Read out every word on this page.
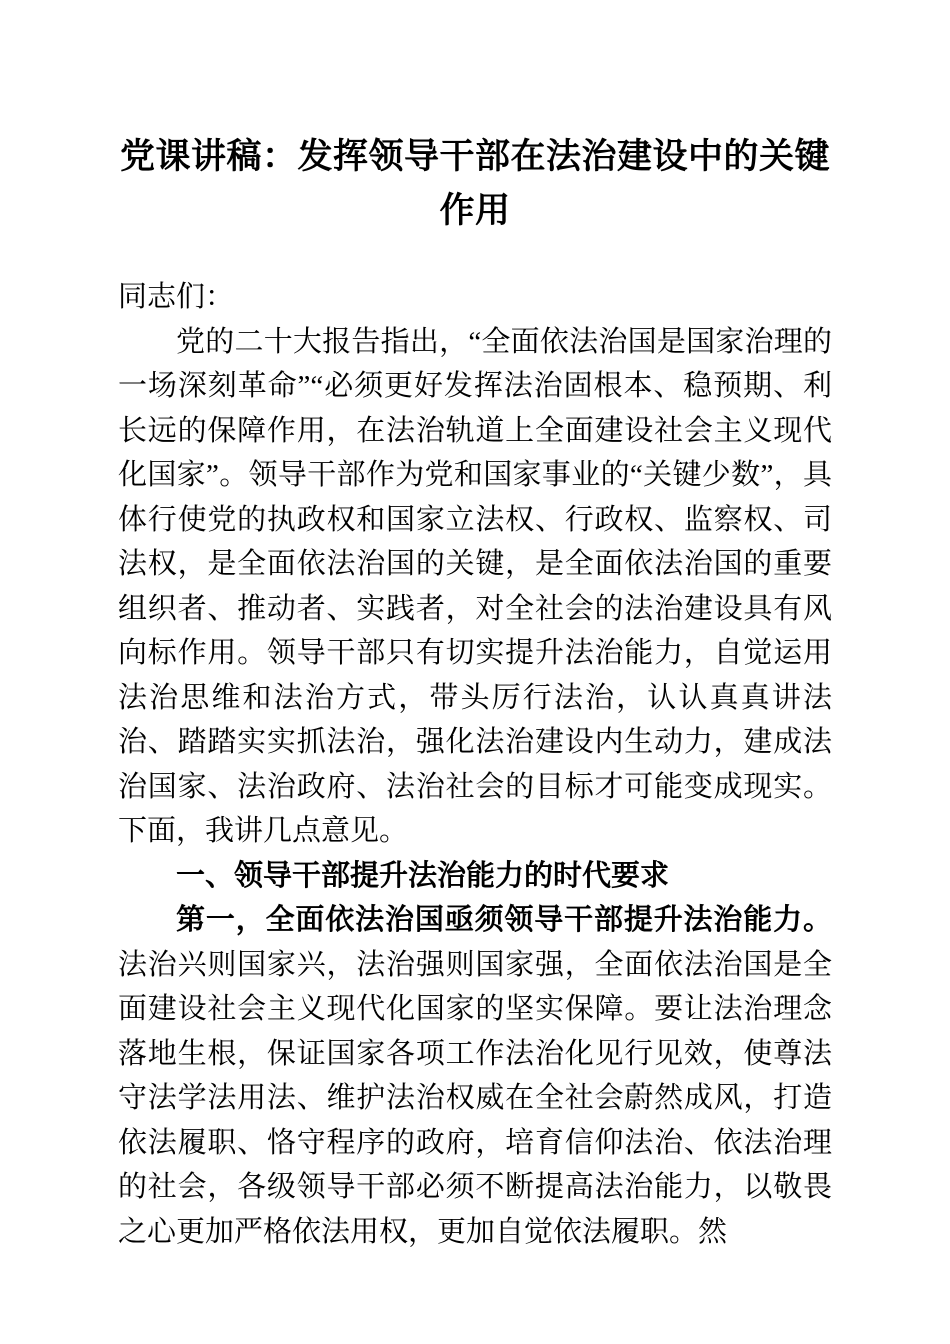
党课讲稿：发挥领导干部在法治建设中的关键作用

同志们：

党的二十大报告指出，“全面依法治国是国家治理的一场深刻革命”“必须更好发挥法治固根本、稳预期、利长远的保障作用，在法治轨道上全面建设社会主义现代化国家”。领导干部作为党和国家事业的“关键少数”，具体行使党的执政权和国家立法权、行政权、监察权、司法权，是全面依法治国的关键，是全面依法治国的重要组织者、推动者、实践者，对全社会的法治建设具有风向标作用。领导干部只有切实提升法治能力，自觉运用法治思维和法治方式，带头厉行法治，认认真真讲法治、踏踏实实抓法治，强化法治建设内生动力，建成法治国家、法治政府、法治社会的目标才可能变成现实。下面，我讲几点意见。

一、领导干部提升法治能力的时代要求

第一，全面依法治国亟须领导干部提升法治能力。法治兴则国家兴，法治强则国家强，全面依法治国是全面建设社会主义现代化国家的坚实保障。要让法治理念落地生根，保证国家各项工作法治化见行见效，使尊法守法学法用法、维护法治权威在全社会蔚然成风，打造依法履职、恪守程序的政府，培育信仰法治、依法治理的社会，各级领导干部必须不断提高法治能力，以敬畏之心更加严格依法用权，更加自觉依法履职。然
